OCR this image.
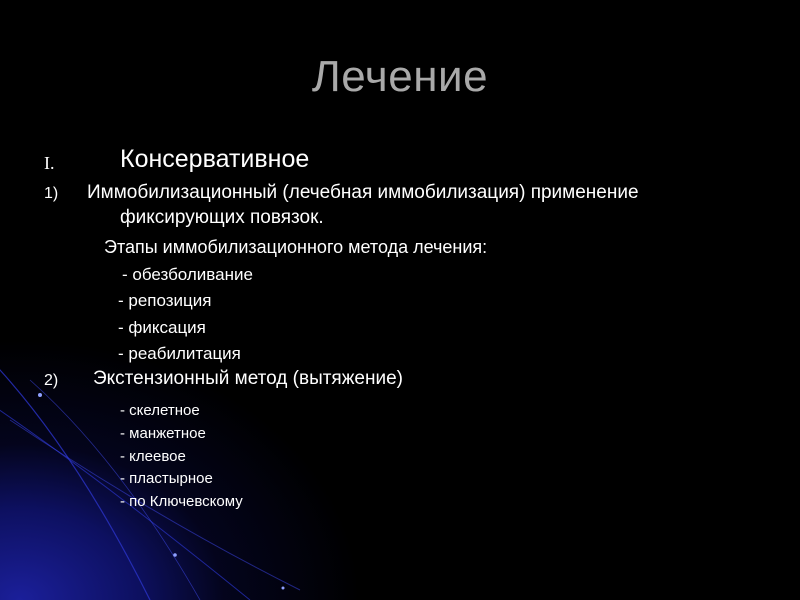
Лечение
I.	Консервативное
1) Иммобилизационный (лечебная иммобилизация) применение
фиксирующих повязок.
Этапы иммобилизационного метода лечения:
- обезболивание
- репозиция
- фиксация
- реабилитация
2) Экстензионный метод (вытяжение)
- скелетное
- манжетное
- клеевое
- пластырное
- по Ключевскому
